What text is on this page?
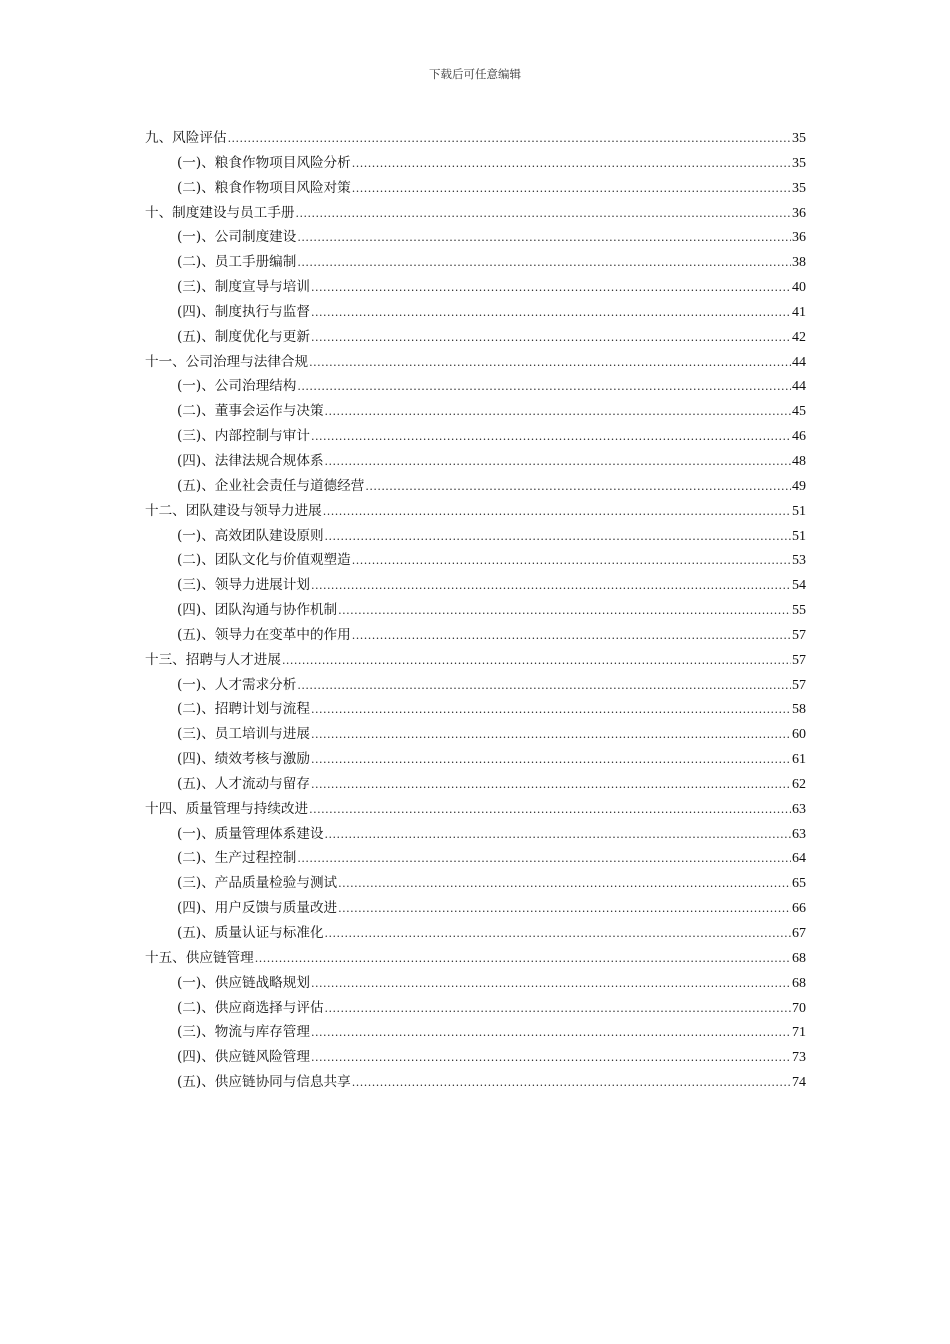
下载后可任意编辑
九、风险评估 .....	35
(一)、粮食作物项目风险分析 .....	35
(二)、粮食作物项目风险对策 .....	35
十、制度建设与员工手册 .....	36
(一)、公司制度建设 .....	36
(二)、员工手册编制 .....	38
(三)、制度宣导与培训 .....	40
(四)、制度执行与监督 .....	41
(五)、制度优化与更新 .....	42
十一、公司治理与法律合规 .....	44
(一)、公司治理结构 .....	44
(二)、董事会运作与决策 .....	45
(三)、内部控制与审计 .....	46
(四)、法律法规合规体系 .....	48
(五)、企业社会责任与道德经营 .....	49
十二、团队建设与领导力进展 .....	51
(一)、高效团队建设原则 .....	51
(二)、团队文化与价值观塑造 .....	53
(三)、领导力进展计划 .....	54
(四)、团队沟通与协作机制 .....	55
(五)、领导力在变革中的作用 .....	57
十三、招聘与人才进展 .....	57
(一)、人才需求分析 .....	57
(二)、招聘计划与流程 .....	58
(三)、员工培训与进展 .....	60
(四)、绩效考核与激励 .....	61
(五)、人才流动与留存 .....	62
十四、质量管理与持续改进 .....	63
(一)、质量管理体系建设 .....	63
(二)、生产过程控制 .....	64
(三)、产品质量检验与测试 .....	65
(四)、用户反馈与质量改进 .....	66
(五)、质量认证与标准化 .....	67
十五、供应链管理 .....	68
(一)、供应链战略规划 .....	68
(二)、供应商选择与评估 .....	70
(三)、物流与库存管理 .....	71
(四)、供应链风险管理 .....	73
(五)、供应链协同与信息共享 .....	74
